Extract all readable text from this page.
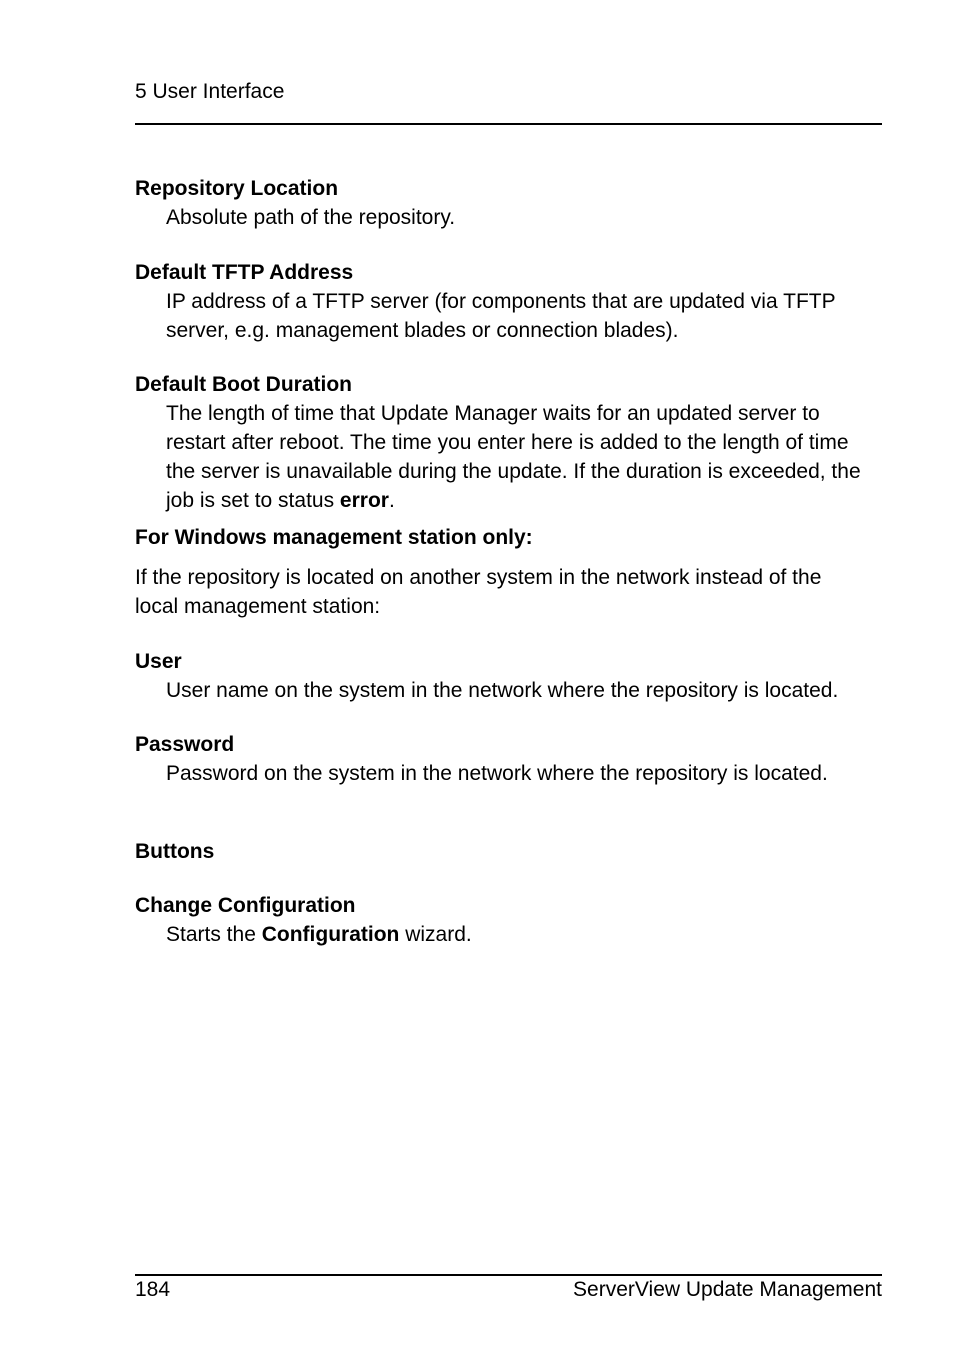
5 User Interface
Repository Location
Absolute path of the repository.
Default TFTP Address
IP address of a TFTP server (for components that are updated via TFTP server, e.g. management blades or connection blades).
Default Boot Duration
The length of time that Update Manager waits for an updated server to restart after reboot. The time you enter here is added to the length of time the server is unavailable during the update. If the duration is exceeded, the job is set to status error.
For Windows management station only:
If the repository is located on another system in the network instead of the local management station:
User
User name on the system in the network where the repository is located.
Password
Password on the system in the network where the repository is located.
Buttons
Change Configuration
Starts the Configuration wizard.
184	ServerView Update Management
